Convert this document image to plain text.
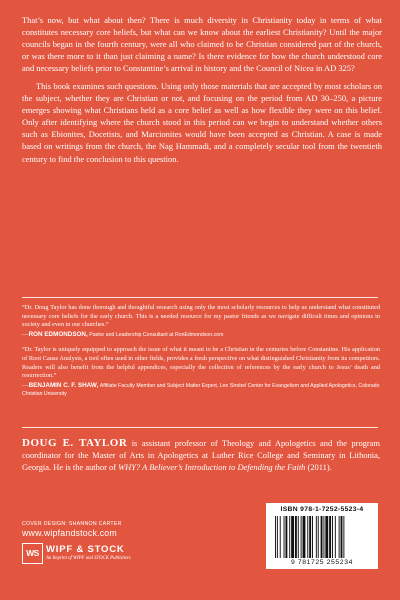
That’s now, but what about then? There is much diversity in Christianity today in terms of what constitutes necessary core beliefs, but what can we know about the earliest Christianity? Until the major councils began in the fourth century, were all who claimed to be Christian considered part of the church, or was there more to it than just claiming a name? Is there evidence for how the church understood core and necessary beliefs prior to Constantine’s arrival in history and the Council of Nicea in AD 325?

This book examines such questions. Using only those materials that are accepted by most scholars on the subject, whether they are Christian or not, and focusing on the period from AD 30–250, a picture emerges showing what Christians held as a core belief as well as how flexible they were on this belief. Only after identifying where the church stood in this period can we begin to understand whether others such as Ebionites, Docetists, and Marcionites would have been accepted as Christian. A case is made based on writings from the church, the Nag Hammadi, and a completely secular tool from the twentieth century to find the conclusion to this question.

“Dr. Doug Taylor has done thorough and thoughtful research using only the most scholarly resources to help us understand what constituted necessary core beliefs for the early church. This is a needed resource for my pastor friends as we navigate difficult times and opinions in society and even in our churches.”

—RON EDMONDSON, Pastor and Leadership Consultant at RonEdmondson.com

“Dr. Taylor is uniquely equipped to approach the issue of what it meant to be a Christian in the centuries before Constantine. His application of Root Cause Analysis, a tool often used in other fields, provides a fresh perspective on what distinguished Christianity from its competitors. Readers will also benefit from the helpful appendices, especially the collection of references by the early church to Jesus’ death and resurrection.”

—BENJAMIN C. F. SHAW, Affiliate Faculty Member and Subject Matter Expert, Lee Strobel Center for Evangelism and Applied Apologetics, Colorado Christian University

DOUG E. TAYLOR is assistant professor of Theology and Apologetics and the program coordinator for the Master of Arts in Apologetics at Luther Rice College and Seminary in Lithonia, Georgia. He is the author of WHY? A Believer’s Introduction to Defending the Faith (2011).

COVER DESIGN: SHANNON CARTER
www.wipfandstock.com
WS WIPF & STOCK
An Imprint of WIPF and STOCK Publishers
ISBN 978-1-7252-5523-4
9 781725 255234
